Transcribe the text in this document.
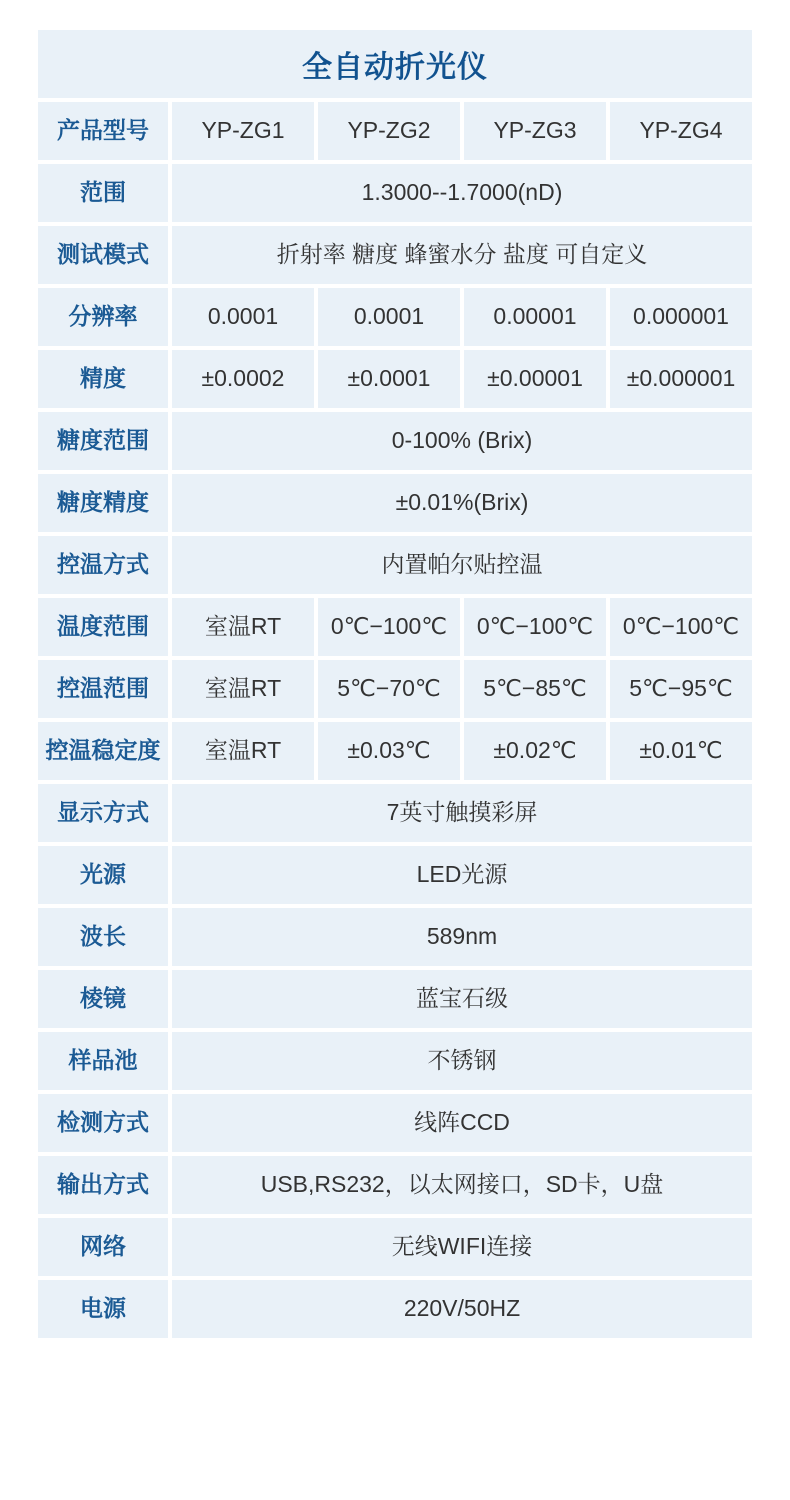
全自动折光仪
产品型号	YP-ZG1	YP-ZG2	YP-ZG3	YP-ZG4
范围	1.3000--1.7000(nD)
测试模式	折射率 糖度 蜂蜜水分 盐度 可自定义
分辨率	0.0001	0.0001	0.00001	0.000001
精度	±0.0002	±0.0001	±0.00001	±0.000001
糖度范围	0-100% (Brix)
糖度精度	±0.01%(Brix)
控温方式	内置帕尔贴控温
温度范围	室温RT	0℃−100℃	0℃−100℃	0℃−100℃
控温范围	室温RT	5℃−70℃	5℃−85℃	5℃−95℃
控温稳定度	室温RT	±0.03℃	±0.02℃	±0.01℃
显示方式	7英寸触摸彩屏
光源	LED光源
波长	589nm
棱镜	蓝宝石级
样品池	不锈钢
检测方式	线阵CCD
输出方式	USB,RS232，以太网接口，SD卡，U盘
网络	无线WIFI连接
电源	220V/50HZ
